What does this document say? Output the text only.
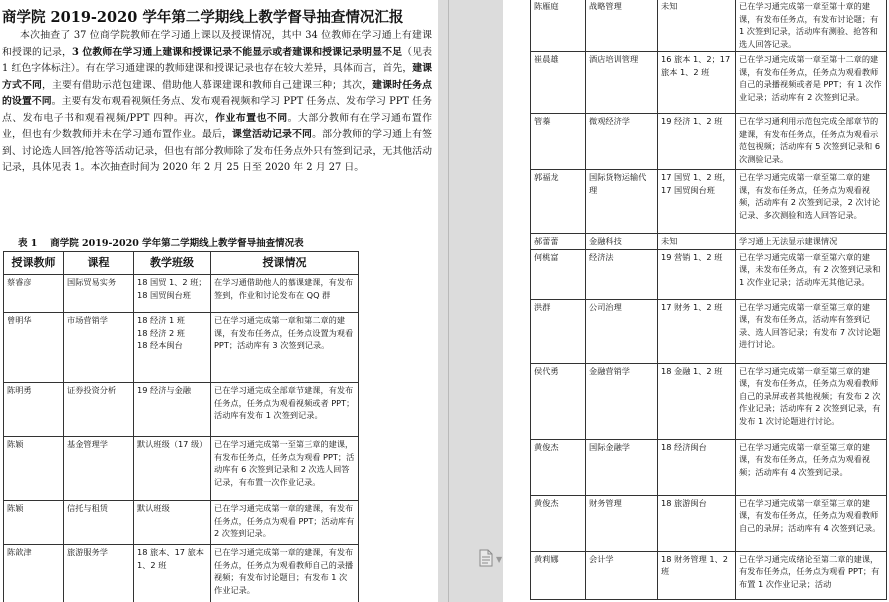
商学院 2019-2020 学年第二学期线上教学督导抽查情况汇报
本次抽查了 37 位商学院教师在学习通上课以及授课情况，其中 34 位教师在学习通上有建课和授课的记录，3 位教师在学习通上建课和授课记录不能显示或者建课和授课记录明显不足（见表 1 红色字体标注）。有在学习通建课的教师建课和授课记录也存在较大差异，具体而言，首先，建课方式不同，主要有借助示范包建课、借助他人慕课建课和教师自己建课三种；其次，建课时任务点的设置不同。主要有发布观看视频任务点、发布观看视频和学习 PPT 任务点、发布学习 PPT 任务点、发布电子书和观看视频/PPT 四种。再次，作业布置也不同。大部分教师有在学习通布置作业，但也有少数教师并未在学习通布置作业。最后，课堂活动记录不同。部分教师的学习通上有签到、讨论选人回答/抢答等活动记录，但也有部分教师除了发布任务点外只有签到记录，无其他活动记录，具体见表 1。本次抽查时间为 2020 年 2 月 25 日至 2020 年 2 月 27 日。
表 1　 商学院 2019-2020 学年第二学期线上教学督导抽查情况表
授课教师	课程	教学班级	授课情况
蔡睿彦	国际贸易实务	18 国贸 1、2 班；18 国贸闽台班	在学习通借助他人的慕课建课，有发布签到，作业和讨论发布在 QQ 群
曾明华	市场营销学	18 经济 1 班
18 经济 2 班
18 经本闽台	已在学习通完成第一章和第二章的建课，有发布任务点，任务点设置为观看 PPT；活动库有 3 次签到记录。
陈明勇	证券投资分析	19 经济与金融	已在学习通完成全部章节建课，有发布任务点，任务点为观看视频或者 PPT；活动库有发布 1 次签到记录。
陈颖	基金管理学	默认班级（17 级）	已在学习通完成第一至第三章的建课，有发布任务点，任务点为观看 PPT；活动库有 6 次签到记录和 2 次选人回答记录，有布置一次作业记录。
陈颖	信托与租赁	默认班级	已在学习通完成第一章的建课，有发布任务点，任务点为观看 PPT；活动库有 2 次签到记录。
陈歆津	旅游服务学	18 旅本、17 旅本 1、2 班	已在学习通完成第一章的建课，有发布任务点，任务点为观看教师自己的录播视频；有发布讨论题目；有发布 1 次作业记录。
▼
陈雁庭	战略管理	未知	已在学习通完成第一章至第十章的建课，有发布任务点，有发布讨论题；有 1 次签到记录，活动库有测验、抢答和选人回答记录。
崔晨雄	酒店培训管理	16 旅本 1、2；17 旅本 1、2 班	已在学习通完成第一章至第十二章的建课，有发布任务点，任务点为观看教师自己的录播视频或者是 PPT；有 1 次作业记录；活动库有 2 次签到记录。
管蓁	微观经济学	19 经济 1、2 班	已在学习通利用示范包完成全部章节的建课，有发布任务点，任务点为观看示范包视频；活动库有 5 次签到记录和 6 次测验记录。
郭福龙	国际货物运输代理	17 国贸 1、2 班，17 国贸闽台班	已在学习通完成第一章至第二章的建课，有发布任务点，任务点为观看视频，活动库有 2 次签到记录，2 次讨论记录、多次测验和选人回答记录。
郝蕾蕾	金融科技	未知	学习通上无法显示建课情况
何桃富	经济法	19 营销 1、2 班	已在学习通完成第一章至第六章的建课，未发布任务点，有 2 次签到记录和 1 次作业记录；活动库无其他记录。
洪群	公司治理	17 财务 1、2 班	已在学习通完成第一章至第三章的建课，有发布任务点，活动库有签到记录、选人回答记录；有发布 7 次讨论题进行讨论。
侯代勇	金融营销学	18 金融 1、2 班	已在学习通完成第一章至第三章的建课，有发布任务点，任务点为观看教师自己的录屏或者其他视频；有发布 2 次作业记录；活动库有 2 次签到记录，有发布 1 次讨论题进行讨论。
黄俊杰	国际金融学	18 经济闽台	已在学习通完成第一章至第三章的建课，有发布任务点，任务点为观看视频；活动库有 4 次签到记录。
黄俊杰	财务管理	18 旅游闽台	已在学习通完成第一章至第三章的建课，有发布任务点，任务点为观看教师自己的录屏；活动库有 4 次签到记录。
黄莉娜	会计学	18 财务管理 1、2 班	已在学习通完成绪论至第二章的建课，有发布任务点，任务点为观看 PPT；有布置 1 次作业记录；活动
